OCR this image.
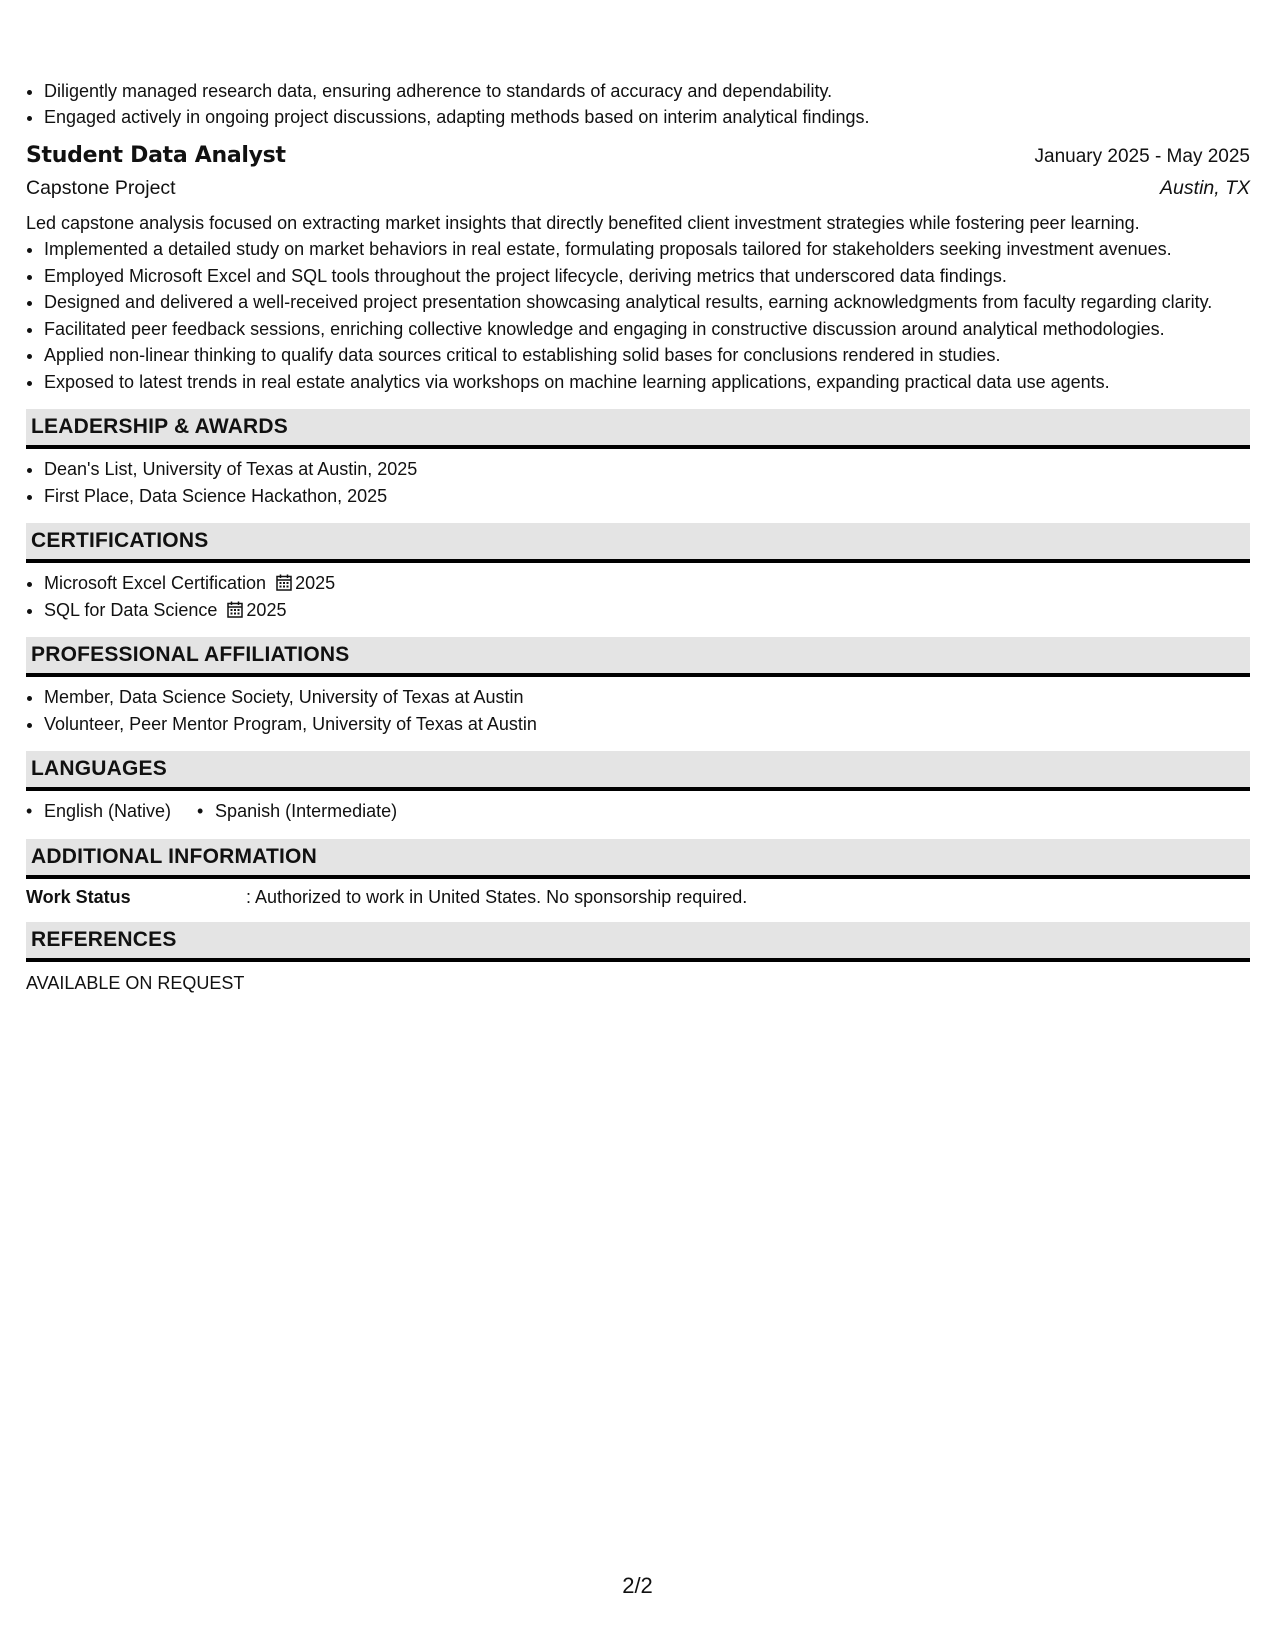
• Diligently managed research data, ensuring adherence to standards of accuracy and dependability.
• Engaged actively in ongoing project discussions, adapting methods based on interim analytical findings.
Student Data Analyst	January 2025 - May 2025
Capstone Project	Austin, TX
Led capstone analysis focused on extracting market insights that directly benefited client investment strategies while fostering peer learning.
• Implemented a detailed study on market behaviors in real estate, formulating proposals tailored for stakeholders seeking investment avenues.
• Employed Microsoft Excel and SQL tools throughout the project lifecycle, deriving metrics that underscored data findings.
• Designed and delivered a well-received project presentation showcasing analytical results, earning acknowledgments from faculty regarding clarity.
• Facilitated peer feedback sessions, enriching collective knowledge and engaging in constructive discussion around analytical methodologies.
• Applied non-linear thinking to qualify data sources critical to establishing solid bases for conclusions rendered in studies.
• Exposed to latest trends in real estate analytics via workshops on machine learning applications, expanding practical data use agents.
LEADERSHIP & AWARDS
• Dean's List, University of Texas at Austin, 2025
• First Place, Data Science Hackathon, 2025
CERTIFICATIONS
• Microsoft Excel Certification 2025
• SQL for Data Science 2025
PROFESSIONAL AFFILIATIONS
• Member, Data Science Society, University of Texas at Austin
• Volunteer, Peer Mentor Program, University of Texas at Austin
LANGUAGES
• English (Native)
•	Spanish (Intermediate)
ADDITIONAL INFORMATION
Work Status	: Authorized to work in United States. No sponsorship required.
REFERENCES
AVAILABLE ON REQUEST
2/2
